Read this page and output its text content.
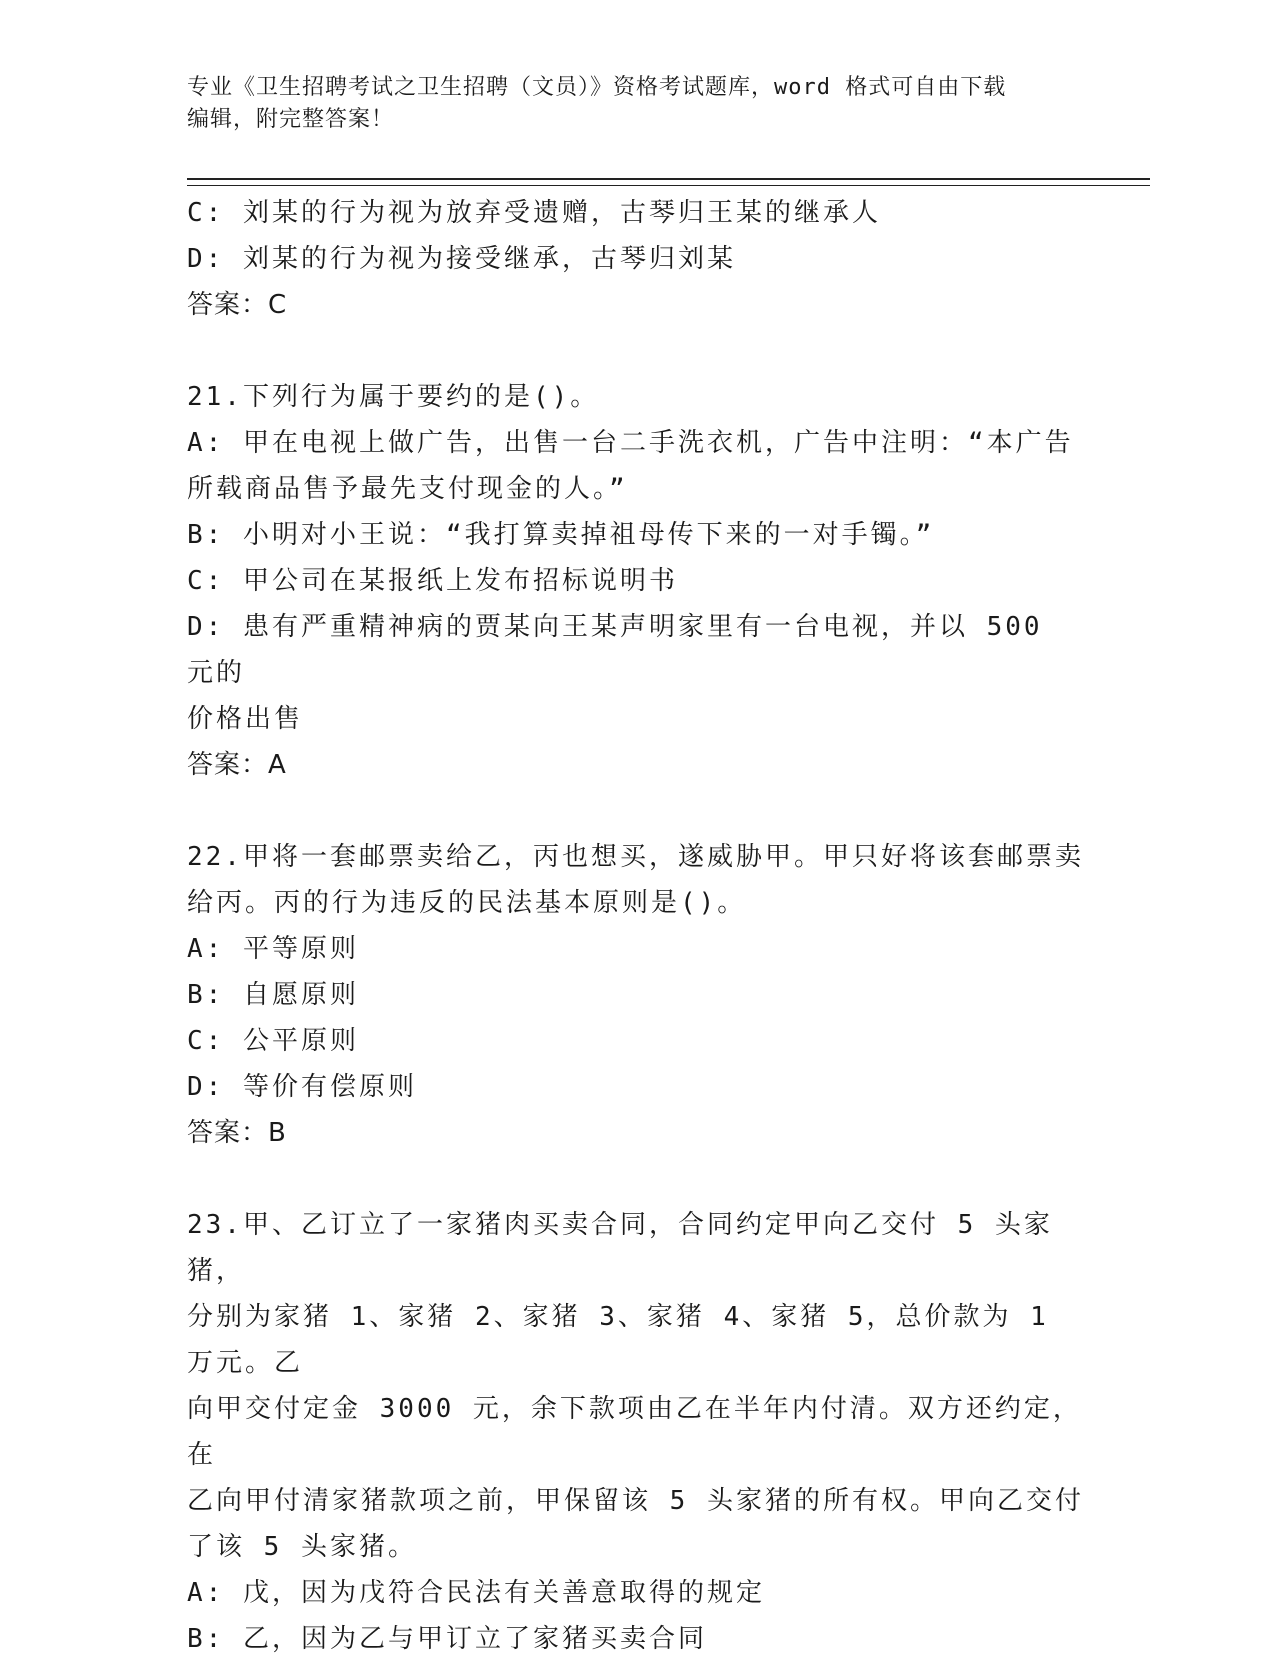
专业《卫生招聘考试之卫生招聘（文员）》资格考试题库，word 格式可自由下载
编辑，附完整答案！
C: 刘某的行为视为放弃受遗赠，古琴归王某的继承人
D: 刘某的行为视为接受继承，古琴归刘某
答案：C
21.下列行为属于要约的是()。
A: 甲在电视上做广告，出售一台二手洗衣机，广告中注明：“本广告
所载商品售予最先支付现金的人。”
B: 小明对小王说：“我打算卖掉祖母传下来的一对手镯。”
C: 甲公司在某报纸上发布招标说明书
D: 患有严重精神病的贾某向王某声明家里有一台电视，并以 500 元的
价格出售
答案：A
22.甲将一套邮票卖给乙，丙也想买，遂威胁甲。甲只好将该套邮票卖
给丙。丙的行为违反的民法基本原则是()。
A: 平等原则
B: 自愿原则
C: 公平原则
D: 等价有偿原则
答案：B
23.甲、乙订立了一家猪肉买卖合同，合同约定甲向乙交付 5 头家猪，
分别为家猪 1、家猪 2、家猪 3、家猪 4、家猪 5，总价款为 1 万元。乙
向甲交付定金 3000 元，余下款项由乙在半年内付清。双方还约定，在
乙向甲付清家猪款项之前，甲保留该 5 头家猪的所有权。甲向乙交付
了该 5 头家猪。
A: 戊，因为戊符合民法有关善意取得的规定
B: 乙，因为乙与甲订立了家猪买卖合同
